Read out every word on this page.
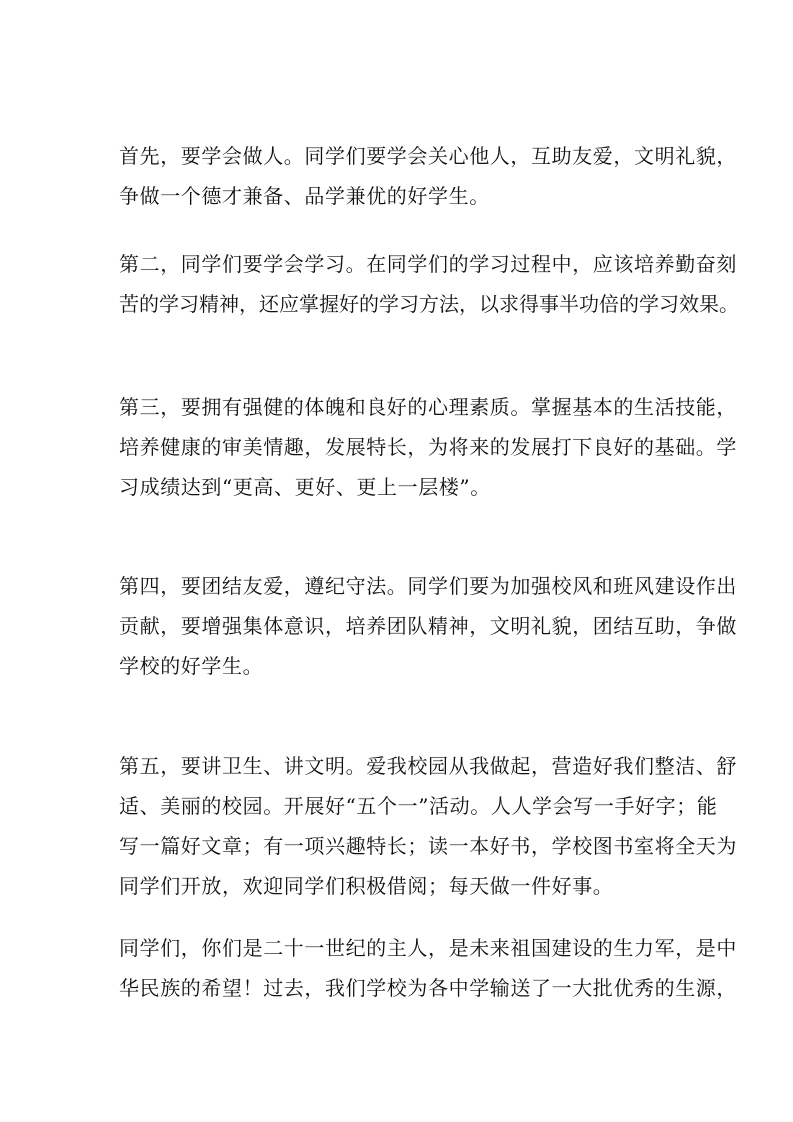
首先，要学会做人。同学们要学会关心他人，互助友爱，文明礼貌，
争做一个德才兼备、品学兼优的好学生。

第二，同学们要学会学习。在同学们的学习过程中，应该培养勤奋刻
苦的学习精神，还应掌握好的学习方法，以求得事半功倍的学习效果。

第三，要拥有强健的体魄和良好的心理素质。掌握基本的生活技能，
培养健康的审美情趣，发展特长，为将来的发展打下良好的基础。学
习成绩达到“更高、更好、更上一层楼”。

第四，要团结友爱，遵纪守法。同学们要为加强校风和班风建设作出
贡献，要增强集体意识，培养团队精神，文明礼貌，团结互助，争做
学校的好学生。

第五，要讲卫生、讲文明。爱我校园从我做起，营造好我们整洁、舒
适、美丽的校园。开展好“五个一”活动。人人学会写一手好字；能
写一篇好文章；有一项兴趣特长；读一本好书，学校图书室将全天为
同学们开放，欢迎同学们积极借阅；每天做一件好事。

同学们，你们是二十一世纪的主人，是未来祖国建设的生力军，是中
华民族的希望！过去，我们学校为各中学输送了一大批优秀的生源，
